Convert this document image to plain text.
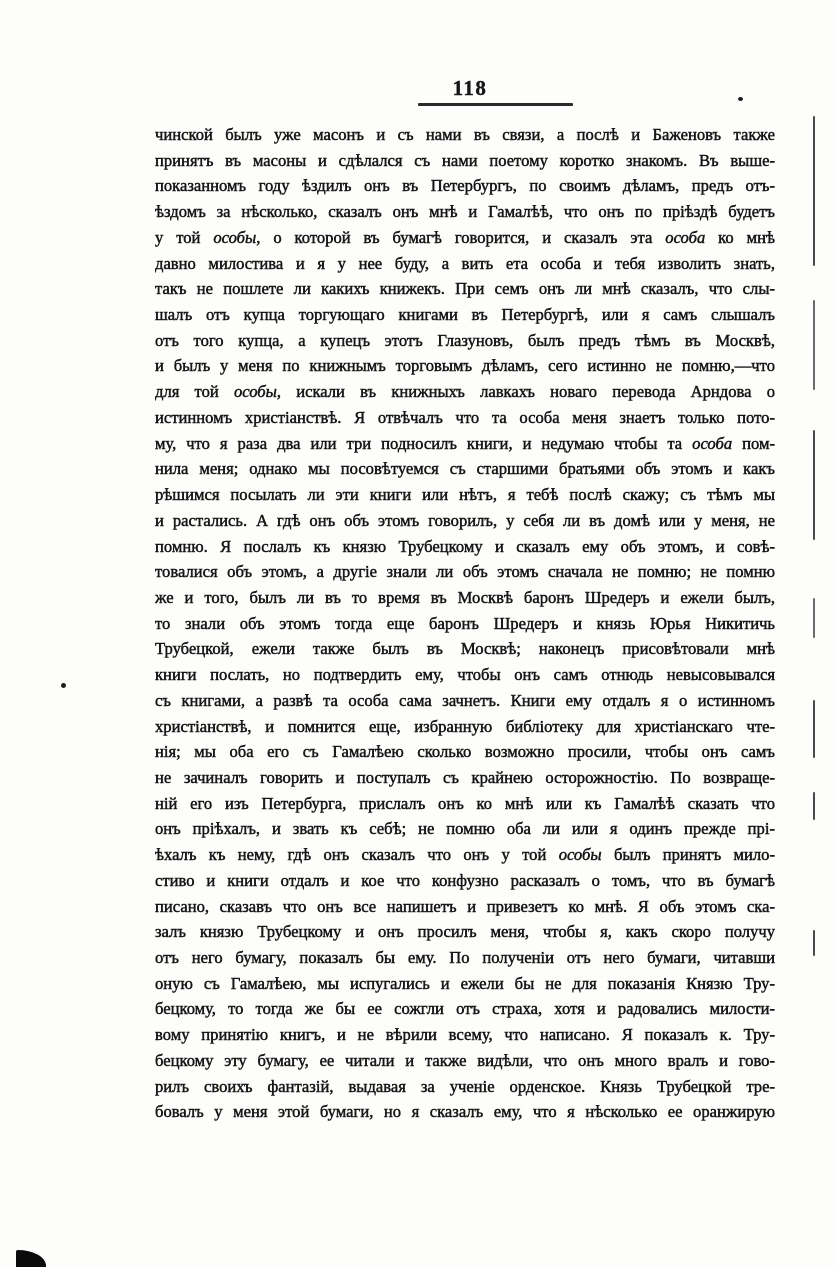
118
чинской былъ уже масонъ и съ нами въ связи, а послѣ и Баженовъ также
принятъ въ масоны и сдѣлался съ нами поетому коротко знакомъ. Въ выше-
показанномъ году ѣздилъ онъ въ Петербургъ, по своимъ дѣламъ, предъ отъ-
ѣздомъ за нѣсколько, сказалъ онъ мнѣ и Гамалѣѣ, что онъ по пріѣздѣ будетъ
у той особы, о которой въ бумагѣ говорится, и сказалъ эта особа ко мнѣ
давно милостива и я у нее буду, а вить ета особа и тебя изволить знать,
такъ не пошлете ли какихъ книжекъ. При семъ онъ ли мнѣ сказалъ, что слы-
шалъ отъ купца торгующаго книгами въ Петербургѣ, или я самъ слышалъ
отъ того купца, а купецъ этотъ Глазуновъ, былъ предъ тѣмъ въ Москвѣ,
и былъ у меня по книжнымъ торговымъ дѣламъ, сего истинно не помню,—что
для той особы, искали въ книжныхъ лавкахъ новаго перевода Арндова о
истинномъ христіанствѣ. Я отвѣчалъ что та особа меня знаетъ только пото-
му, что я раза два или три подносилъ книги, и недумаю чтобы та особа пом-
нила меня; однако мы посовѣтуемся съ старшими братьями объ этомъ и какъ
рѣшимся посылать ли эти книги или нѣтъ, я тебѣ послѣ скажу; съ тѣмъ мы
и растались. А гдѣ онъ объ этомъ говорилъ, у себя ли въ домѣ или у меня, не
помню. Я послалъ къ князю Трубецкому и сказалъ ему объ этомъ, и совѣ-
товалися объ этомъ, а другіе знали ли объ этомъ сначала не помню; не помню
же и того, былъ ли въ то время въ Москвѣ баронъ Шредеръ и ежели былъ,
то знали объ этомъ тогда еще баронъ Шредеръ и князь Юрья Никитичь
Трубецкой, ежели также былъ въ Москвѣ; наконецъ присовѣтовали мнѣ
книги послать, но подтвердить ему, чтобы онъ самъ отнюдь невысовывался
съ книгами, а развѣ та особа сама зачнетъ. Книги ему отдалъ я о истинномъ
христіанствѣ, и помнится еще, избранную библіотеку для христіанскаго чте-
нія; мы оба его съ Гамалѣею сколько возможно просили, чтобы онъ самъ
не зачиналъ говорить и поступалъ съ крайнею осторожностію. По возвраще-
ній его изъ Петербурга, прислалъ онъ ко мнѣ или къ Гамалѣѣ сказать что
онъ пріѣхалъ, и звать къ себѣ; не помню оба ли или я одинъ прежде прі-
ѣхалъ къ нему, гдѣ онъ сказалъ что онъ у той особы былъ принятъ мило-
стиво и книги отдалъ и кое что конфузно расказалъ о томъ, что въ бумагѣ
писано, сказавъ что онъ все напишетъ и привезетъ ко мнѣ. Я объ этомъ ска-
залъ князю Трубецкому и онъ просилъ меня, чтобы я, какъ скоро получу
отъ него бумагу, показалъ бы ему. По полученіи отъ него бумаги, читавши
оную съ Гамалѣею, мы испугались и ежели бы не для показанія Князю Тру-
бецкому, то тогда же бы ее сожгли отъ страха, хотя и радовались милости-
вому принятію книгъ, и не вѣрили всему, что написано. Я показалъ к. Тру-
бецкому эту бумагу, ее читали и также видѣли, что онъ много вралъ и гово-
рилъ своихъ фантазій, выдавая за ученіе орденское. Князь Трубецкой тре-
бовалъ у меня этой бумаги, но я сказалъ ему, что я нѣсколько ее оранжирую
